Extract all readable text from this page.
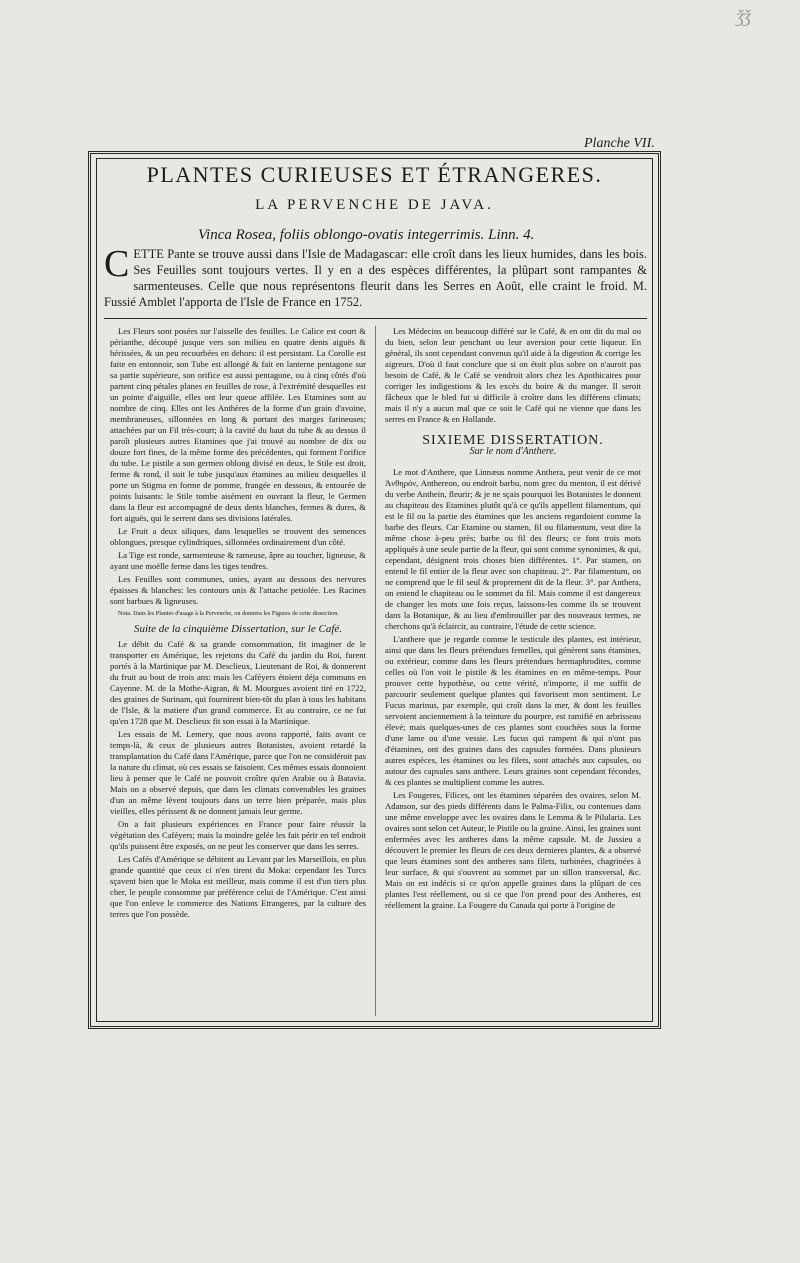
ǯǯ
Planche VII.
PLANTES CURIEUSES ET ÉTRANGERES.
LA PERVENCHE DE JAVA.
Vinca Rosea, foliis oblongo-ovatis integerrimis. Linn. 4.

CETTE Pante se trouve aussi dans l'Isle de Madagascar: elle croît dans les lieux humides, dans les bois. Ses Feuilles sont toujours vertes. Il y en a des espèces différentes, la plûpart sont rampantes & sarmenteuses. Celle que nous représentons fleurit dans les Serres en Août, elle craint le froid. M. Fussié Amblet l'apporta de l'Isle de France en 1752.

Les Fleurs sont posées sur l'aisselle des feuilles. Le Calice est court & périanthe, découpé jusque vers son milieu en quatre dents aiguës & hérissées, & un peu recourbées en dehors: il est persistant. La Corolle est faite en entonnoir, son Tube est allongé & fait en lanterne pentagone sur sa partie supérieure, son orifice est aussi pentagone, ou à cinq côtés d'où partent cinq pétales planes en feuilles de rose, à l'extrémité desquelles est un pointe d'aiguille, elles ont leur queue affilée. Les Etamines sont au nombre de cinq. Elles ont les Anthères de la forme d'un grain d'avoine, membraneuses, sillonnées en long & portant des marges farineuses; attachées par un Fil très-court; à la cavité du haut du tube & au dessus il paroît plusieurs autres Etamines que j'ai trouvé au nombre de dix ou douze fort fines, de la même forme des précédentes, qui forment l'orifice du tube. Le pistile a son germen oblong divisé en deux, le Stile est droit, ferme & rond, il suit le tube jusqu'aux étamines au milieu desquelles il porte un Stigma en forme de pomme, frangée en dessous, & entourée de points luisants: le Stile tombe aisément en ouvrant la fleur, le Germen dans la fleur est accompagné de deux dents blanches, fermes & dures, & fort aiguës, qui le serrent dans ses divisions latérales.

Le Fruit a deux siliques, dans lesquelles se trouvent des semences oblongues, presque cylindriques, sillonnées ordinairement d'un côté.

La Tige est ronde, sarmenteuse & rameuse, âpre au toucher, ligneuse, & ayant une moëlle ferme dans les tiges tendres.

Les Feuilles sont communes, unies, ayant au dessous des nervures épaisses & blanches: les contours unis & l'attache petiolée. Les Racines sont barbues & ligneuses.

Nota. Dans les Plantes d'usage à la Pervenche, on donnera les Figures de cette dissection.

Suite de la cinquième Dissertation, sur le Café.

Le débit du Café & sa grande consommation, fit imaginer de le transporter en Amérique, les rejetons du Café du jardin du Roi, furent portés à la Martinique par M. Desclieux, Lieutenant de Roi, & donnerent du fruit au bout de trois ans: mais les Caféyers étoient déja communs en Cayenne. M. de la Mothe-Aigran, & M. Mourgues avoient tiré en 1722, des graines de Surinam, qui fournirent bien-tôt du plan à tous les habitans de l'Isle, & la matiere d'un grand commerce. Et au contraire, ce ne fut qu'en 1728 que M. Desclieux fit son essai à la Martinique.

Les essais de M. Lemery, que nous avons rapporté, faits avant ce temps-là, & ceux de plusieurs autres Botanistes, avoient retardé la transplantation du Café dans l'Amérique, parce que l'on ne considéroit pas la nature du climat, où ces essais se faisoient. Ces mêmes essais donnoient lieu à penser que le Café ne pouvoit croître qu'en Arabie ou à Batavia. Mais on a observé depuis, que dans les climats convenables les graines d'un an même lèvent toujours dans un terre bien préparée, mais plus vieilles, elles périssent & ne donnent jamais leur germe.

On a fait plusieurs expériences en France pour faire réussir la végétation des Caféyers; mais la moindre gelée les fait périr en tel endroit qu'ils puissent être exposés, on ne peut les conserver que dans les serres.

Les Cafés d'Amérique se débitent au Levant par les Marseillois, en plus grande quantité que ceux ci n'en tirent du Moka: cependant les Turcs sçavent bien que le Moka est meilleur, mais comme il est d'un tiers plus cher, le peuple consomme par préférence celui de l'Amérique. C'est ainsi que l'on enleve le commerce des Nations Etrangeres, par la culture des terres que l'on possède.

Les Médecins on beaucoup différé sur le Café, & en ont dit du mal ou du bien, selon leur penchant ou leur aversion pour cette liqueur. En général, ils sont cependant convenus qu'il aide à la digestion & corrige les aigreurs. D'où il faut conclure que si on étoit plus sobre on n'auroit pas besoin de Café, & le Café se vendroit alors chez les Apothicaires pour corriger les indigestions & les excès du boire & du manger. Il seroit fâcheux que le bled fut si difficile à croître dans les différens climats; mais il n'y a aucun mal que ce soit le Café qui ne vienne que dans les serres en France & en Hollande.

SIXIEME DISSERTATION.

Sur le nom d'Anthere.

Le mot d'Anthere, que Linnæus nomme Anthera, peut venir de ce mot Ἀνθηρόν, Anthereon, ou endroit barbu, nom grec du menton, il est dérivé du verbe Anthein, fleurir; & je ne sçais pourquoi les Botanistes le donnent au chapiteau des Etamines plutôt qu'à ce qu'ils appellent filamentum, qui est le fil ou la partie des étamines que les anciens regardoient comme la barbe des fleurs. Car Etamine ou stamen, fil ou filamentum, veut dire la même chose à-peu près; barbe ou fil des fleurs; ce font trois mots appliqués à une seule partie de la fleur, qui sont comme synonimes, & qui, cependant, désignent trois choses bien différentes. 1°. Par stamen, on entend le fil entier de la fleur avec son chapiteau. 2°. Par filamentum, on ne comprend que le fil seul & proprement dit de la fleur. 3°. par Anthera, on entend le chapiteau ou le sommet du fil. Mais comme il est dangereux de changer les mots une fois reçus, laissons-les comme ils se trouvent dans la Botanique, & au lieu d'embrouiller par des nouveaux termes, ne cherchons qu'à éclaircir, au contraire, l'étude de cette science.

L'anthere que je regarde comme le testicule des plantes, est intérieur, ainsi que dans les fleurs prétendues femelles, qui génèrent sans étamines, ou extérieur, comme dans les fleurs prétendues hermaphrodites, comme celles où l'on voit le pistile & les étamines en en même-temps. Pour prouver cette hypothèse, ou cette vérité, n'importe, il me suffit de parcourir seulement quelque plantes qui favorisent mon sentiment. Le Fucus marinus, par exemple, qui croît dans la mer, & dont les feuilles servoient anciennement à la teinture du pourpre, est ramifié en arbrisseau élevé; mais quelques-unes de ces plantes sont couchées sous la forme d'une lame ou d'une vessie. Les fucus qui rampent & qui n'ont pas d'étamines, ont des graines dans des capsules formées. Dans plusieurs autres espèces, les étamines ou les filets, sont attachés aux capsules, ou autour des capsules sans anthere. Leurs graines sont cependant fécondes, & ces plantes se multiplient comme les autres.

Les Fougeres, Filices, ont les étamines séparées des ovaires, selon M. Adanson, sur des pieds différents dans le Palma-Filix, ou contenues dans une même enveloppe avec les ovaires dans le Lemma & le Pilularia. Les ovaires sont selon cet Auteur, le Pistile ou la graine. Ainsi, les graines sont enfermées avec les antheres dans la même capsule. M. de Jussieu a découvert le premier les fleurs de ces deux dernieres plantes, & a observé que leurs étamines sont des antheres sans filets, turbinées, chagrinées à leur surface, & qui s'ouvrent au sommet par un sillon transversal, &c. Mais on est indécis si ce qu'on appelle graines dans la plûpart de ces plantes l'est réellement, ou si ce que l'on prend pour des Antheres, est réellement la graine. La Fougere du Canada qui porte à l'origine de
